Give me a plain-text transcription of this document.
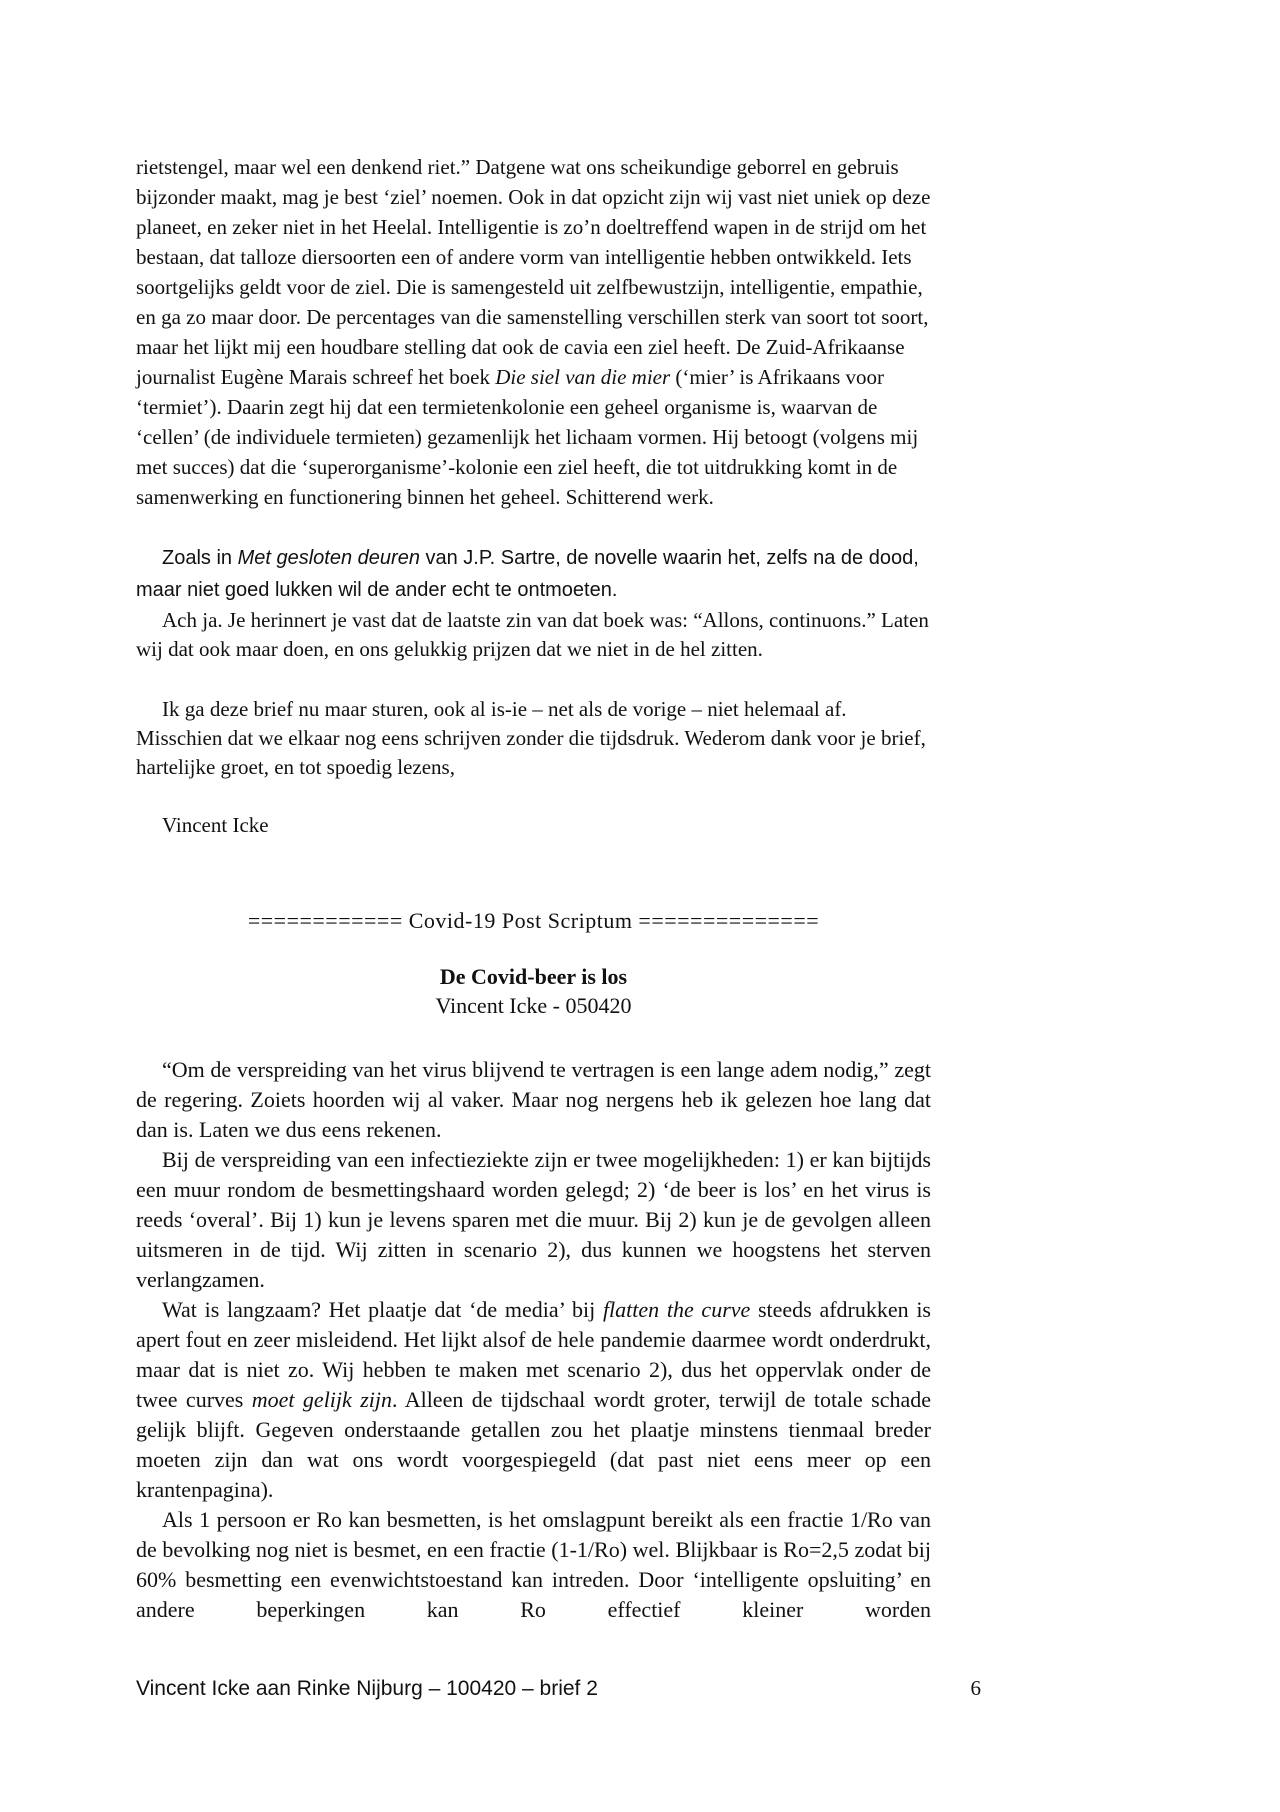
rietstengel, maar wel een denkend riet.” Datgene wat ons scheikundige geborrel en gebruis bijzonder maakt, mag je best ‘ziel’ noemen. Ook in dat opzicht zijn wij vast niet uniek op deze planeet, en zeker niet in het Heelal. Intelligentie is zo’n doeltreffend wapen in de strijd om het bestaan, dat talloze diersoorten een of andere vorm van intelligentie hebben ontwikkeld. Iets soortgelijks geldt voor de ziel. Die is samengesteld uit zelfbewustzijn, intelligentie, empathie, en ga zo maar door. De percentages van die samenstelling verschillen sterk van soort tot soort, maar het lijkt mij een houdbare stelling dat ook de cavia een ziel heeft. De Zuid-Afrikaanse journalist Eugène Marais schreef het boek Die siel van die mier (‘mier’ is Afrikaans voor ‘termiet’). Daarin zegt hij dat een termietenkolonie een geheel organisme is, waarvan de ‘cellen’ (de individuele termieten) gezamenlijk het lichaam vormen. Hij betoogt (volgens mij met succes) dat die ‘superorganisme’-kolonie een ziel heeft, die tot uitdrukking komt in de samenwerking en functionering binnen het geheel. Schitterend werk.

Zoals in Met gesloten deuren van J.P. Sartre, de novelle waarin het, zelfs na de dood, maar niet goed lukken wil de ander echt te ontmoeten.

Ach ja. Je herinnert je vast dat de laatste zin van dat boek was: “Allons, continuons.” Laten wij dat ook maar doen, en ons gelukkig prijzen dat we niet in de hel zitten.

Ik ga deze brief nu maar sturen, ook al is-ie – net als de vorige – niet helemaal af. Misschien dat we elkaar nog eens schrijven zonder die tijdsdruk. Wederom dank voor je brief, hartelijke groet, en tot spoedig lezens,

Vincent Icke
============ Covid-19 Post Scriptum ==============
De Covid-beer is los
Vincent Icke - 050420

“Om de verspreiding van het virus blijvend te vertragen is een lange adem nodig,” zegt de regering. Zoiets hoorden wij al vaker. Maar nog nergens heb ik gelezen hoe lang dat dan is. Laten we dus eens rekenen.

Bij de verspreiding van een infectieziekte zijn er twee mogelijkheden: 1) er kan bijtijds een muur rondom de besmettingshaard worden gelegd; 2) ‘de beer is los’ en het virus is reeds ‘overal’. Bij 1) kun je levens sparen met die muur. Bij 2) kun je de gevolgen alleen uitsmeren in de tijd. Wij zitten in scenario 2), dus kunnen we hoogstens het sterven verlangzamen.

Wat is langzaam? Het plaatje dat ‘de media’ bij flatten the curve steeds afdrukken is apert fout en zeer misleidend. Het lijkt alsof de hele pandemie daarmee wordt onderdrukt, maar dat is niet zo. Wij hebben te maken met scenario 2), dus het oppervlak onder de twee curves moet gelijk zijn. Alleen de tijdschaal wordt groter, terwijl de totale schade gelijk blijft. Gegeven onderstaande getallen zou het plaatje minstens tienmaal breder moeten zijn dan wat ons wordt voorgespiegeld (dat past niet eens meer op een krantenpagina).

Als 1 persoon er Ro kan besmetten, is het omslagpunt bereikt als een fractie 1/Ro van de bevolking nog niet is besmet, en een fractie (1-1/Ro) wel. Blijkbaar is Ro=2,5 zodat bij 60% besmetting een evenwichtstoestand kan intreden. Door ‘intelligente opsluiting’ en andere beperkingen kan Ro effectief kleiner worden

Vincent Icke aan Rinke Nijburg – 100420 – brief 2	6
